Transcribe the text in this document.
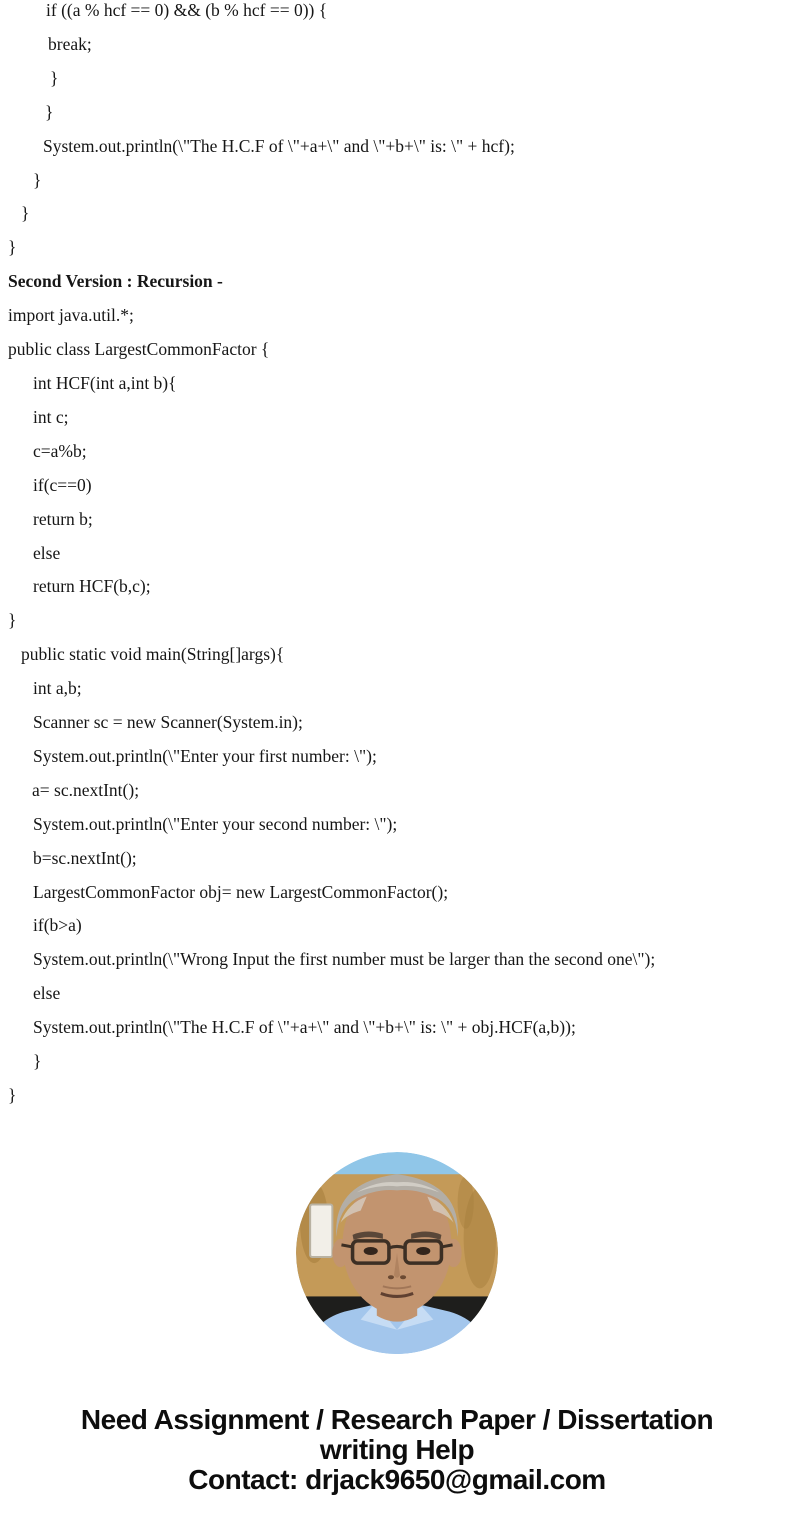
if ((a % hcf == 0) && (b % hcf == 0)) {

break;

}

}

System.out.println(\"The H.C.F of \"+a+\" and \"+b+\" is: \" + hcf);

}

}

}

Second Version : Recursion -

import java.util.*;

public class LargestCommonFactor {

int HCF(int a,int b){

int c;

c=a%b;

if(c==0)

return b;

else

return HCF(b,c);

}

public static void main(String[]args){

int a,b;

Scanner sc = new Scanner(System.in);

System.out.println(\"Enter your first number: \");

a= sc.nextInt();

System.out.println(\"Enter your second number: \");

b=sc.nextInt();

LargestCommonFactor obj= new LargestCommonFactor();

if(b>a)

System.out.println(\"Wrong Input the first number must be larger than the second one\");

else

System.out.println(\"The H.C.F of \"+a+\" and \"+b+\" is: \" + obj.HCF(a,b));

}

}

Need Assignment / Research Paper / Dissertation
writing Help
Contact: drjack9650@gmail.com
